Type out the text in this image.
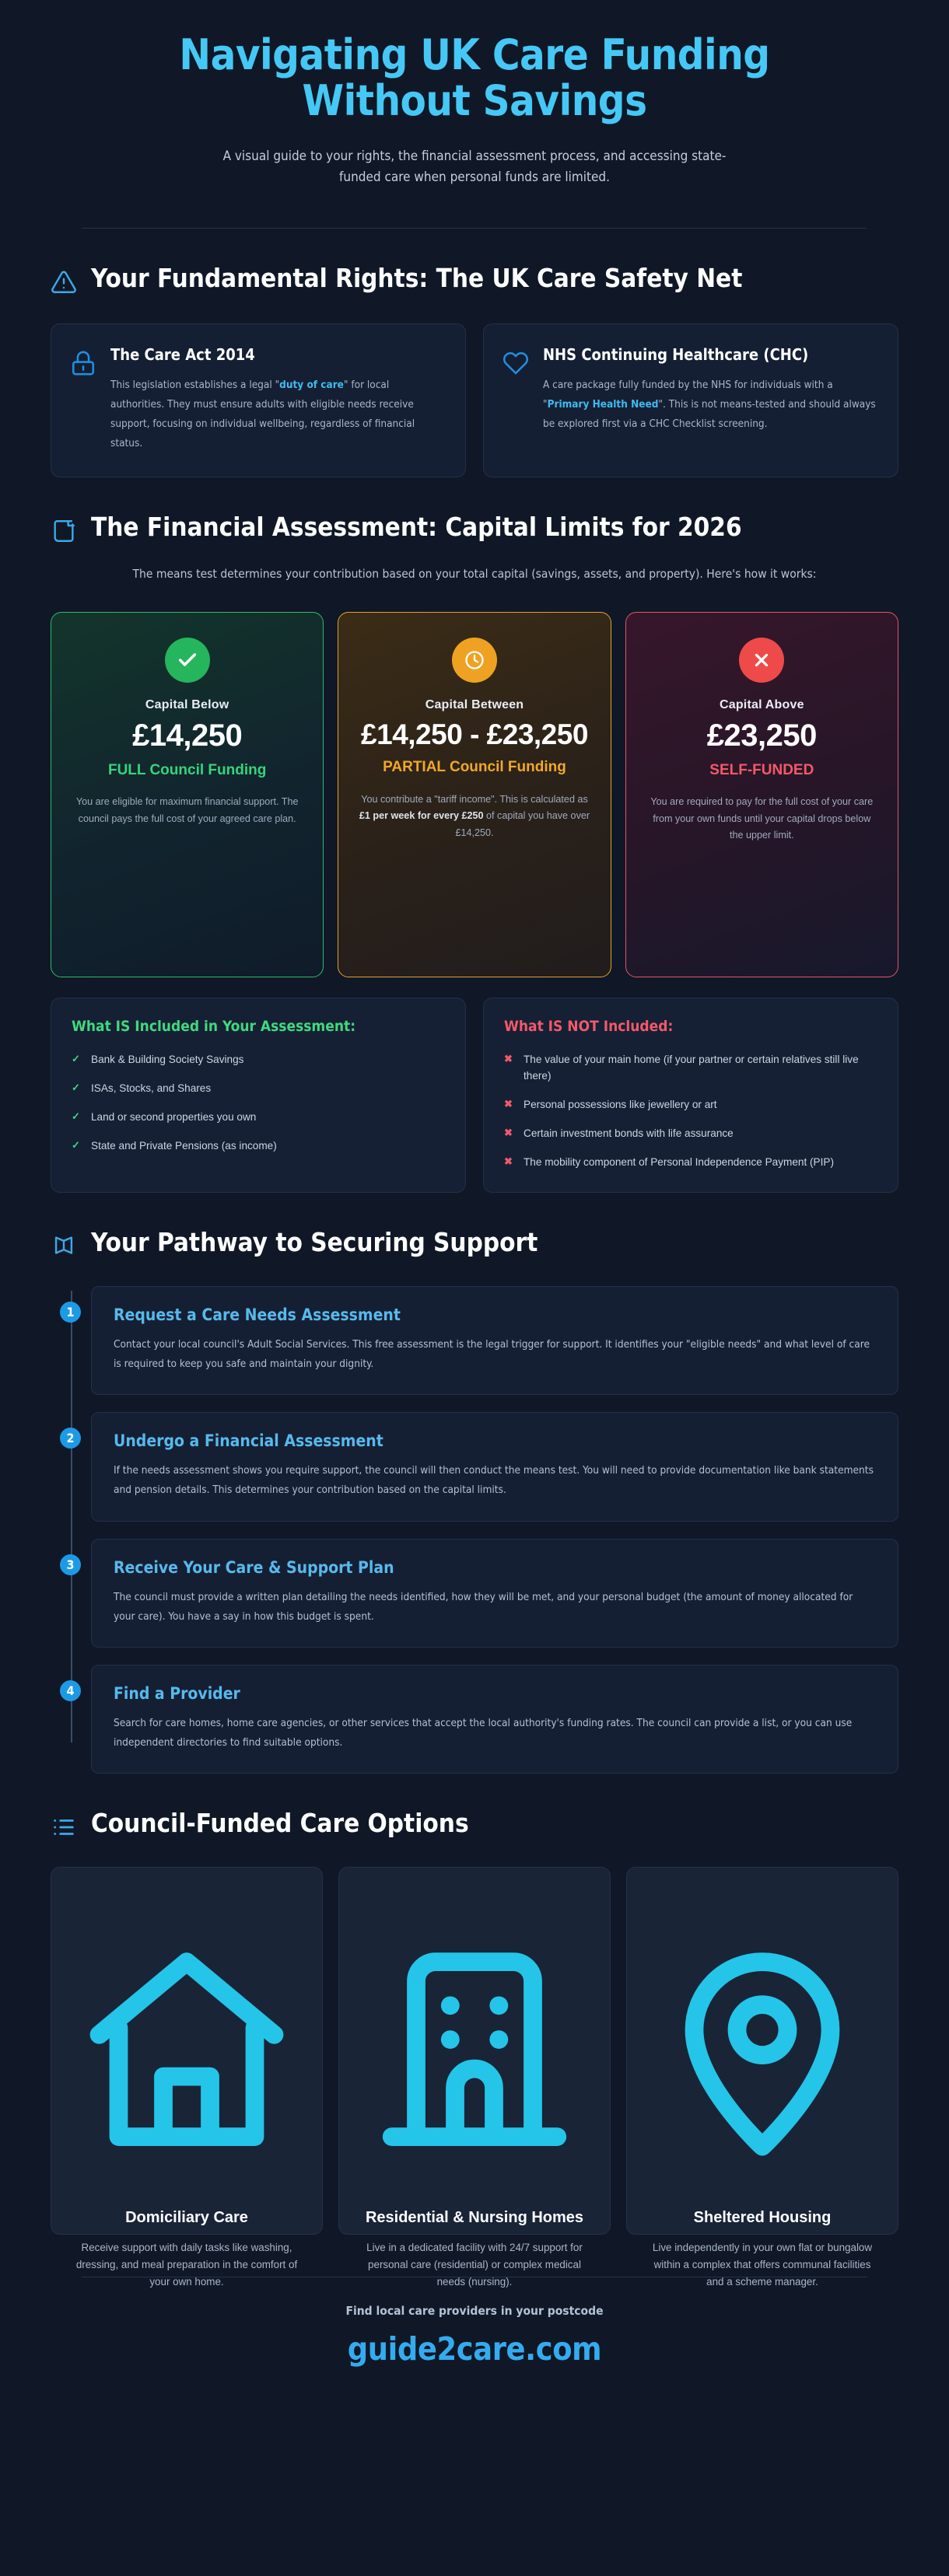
Navigating UK Care Funding Without Savings

A visual guide to your rights, the financial assessment process, and accessing state-funded care when personal funds are limited.

Your Fundamental Rights: The UK Care Safety Net
The Care Act 2014

This legislation establishes a legal "duty of care" for local authorities. They must ensure adults with eligible needs receive support, focusing on individual wellbeing, regardless of financial status.

NHS Continuing Healthcare (CHC)

A care package fully funded by the NHS for individuals with a "Primary Health Need". This is not means-tested and should always be explored first via a CHC Checklist screening.

The Financial Assessment: Capital Limits for 2026

The means test determines your contribution based on your total capital (savings, assets, and property). Here's how it works:

Capital Below
£14,250
FULL Council Funding
You are eligible for maximum financial support. The council pays the full cost of your agreed care plan.
Capital Between
£14,250 - £23,250
PARTIAL Council Funding
You contribute a "tariff income". This is calculated as £1 per week for every £250 of capital you have over £14,250.
Capital Above
£23,250
SELF-FUNDED
You are required to pay for the full cost of your care from your own funds until your capital drops below the upper limit.
What IS Included in Your Assessment:
✓ Bank & Building Society Savings
✓ ISAs, Stocks, and Shares
✓ Land or second properties you own
✓ State and Private Pensions (as income)
What IS NOT Included:
✖ The value of your main home (if your partner or certain relatives still live there)
✖ Personal possessions like jewellery or art
✖ Certain investment bonds with life assurance
✖ The mobility component of Personal Independence Payment (PIP)
Your Pathway to Securing Support
1	Request a Care Needs Assessment

Contact your local council's Adult Social Services. This free assessment is the legal trigger for support. It identifies your "eligible needs" and what level of care is required to keep you safe and maintain your dignity.

2	Undergo a Financial Assessment

If the needs assessment shows you require support, the council will then conduct the means test. You will need to provide documentation like bank statements and pension details. This determines your contribution based on the capital limits.

3	Receive Your Care & Support Plan

The council must provide a written plan detailing the needs identified, how they will be met, and your personal budget (the amount of money allocated for your care). You have a say in how this budget is spent.

4	Find a Provider

Search for care homes, home care agencies, or other services that accept the local authority's funding rates. The council can provide a list, or you can use independent directories to find suitable options.

Council-Funded Care Options
Domiciliary Care

Receive support with daily tasks like washing, dressing, and meal preparation in the comfort of your own home.

Residential & Nursing Homes

Live in a dedicated facility with 24/7 support for personal care (residential) or complex medical needs (nursing).

Sheltered Housing

Live independently in your own flat or bungalow within a complex that offers communal facilities and a scheme manager.

Find local care providers in your postcode
guide2care.com
